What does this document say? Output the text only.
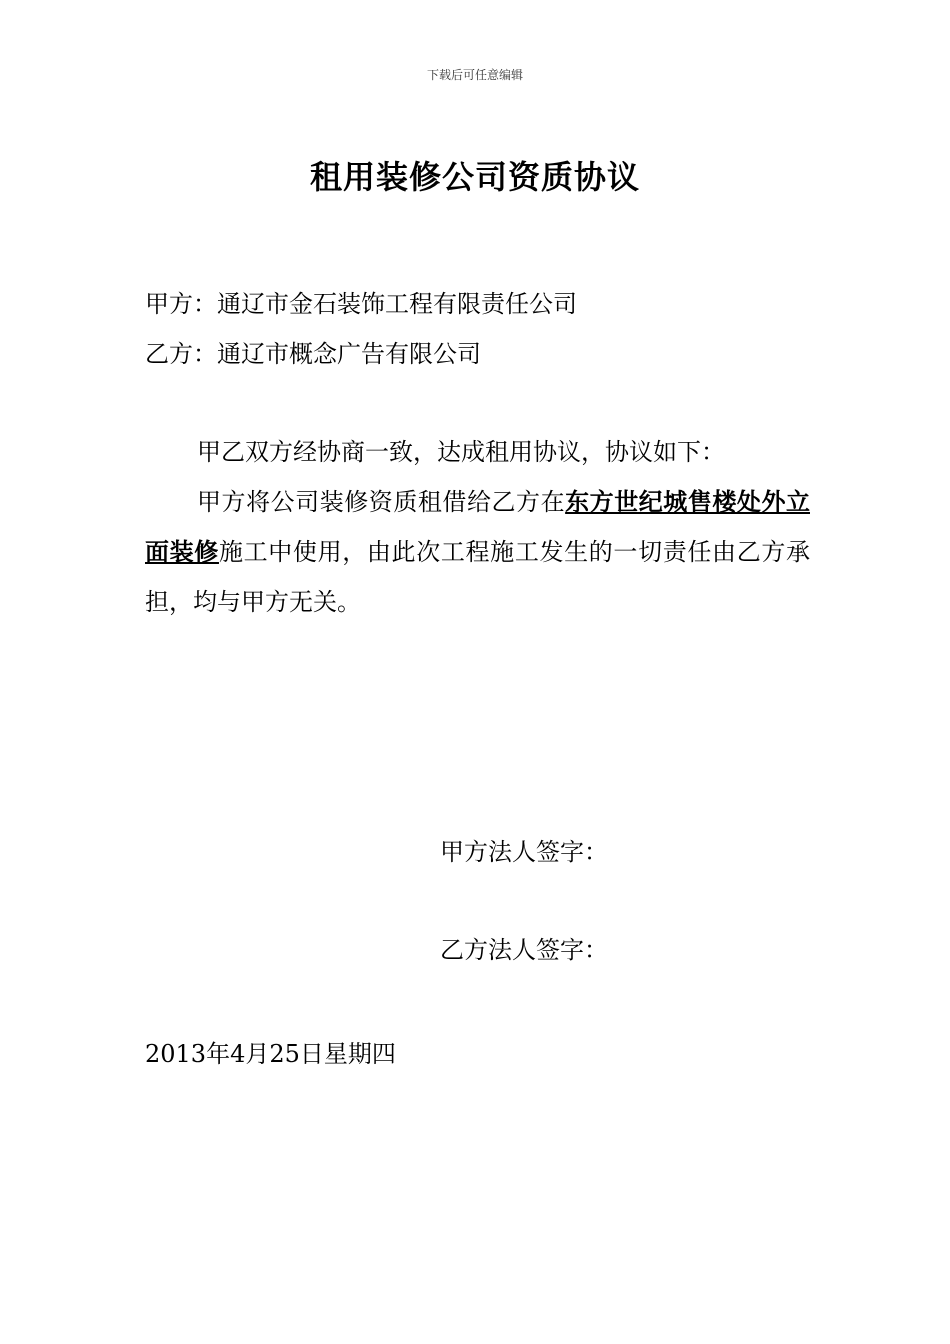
下载后可任意编辑
租用装修公司资质协议
甲方：通辽市金石装饰工程有限责任公司
乙方：通辽市概念广告有限公司
甲乙双方经协商一致，达成租用协议，协议如下：
甲方将公司装修资质租借给乙方在东方世纪城售楼处外立面装修施工中使用，由此次工程施工发生的一切责任由乙方承担，均与甲方无关。
甲方法人签字：
乙方法人签字：
2013年4月25日星期四
